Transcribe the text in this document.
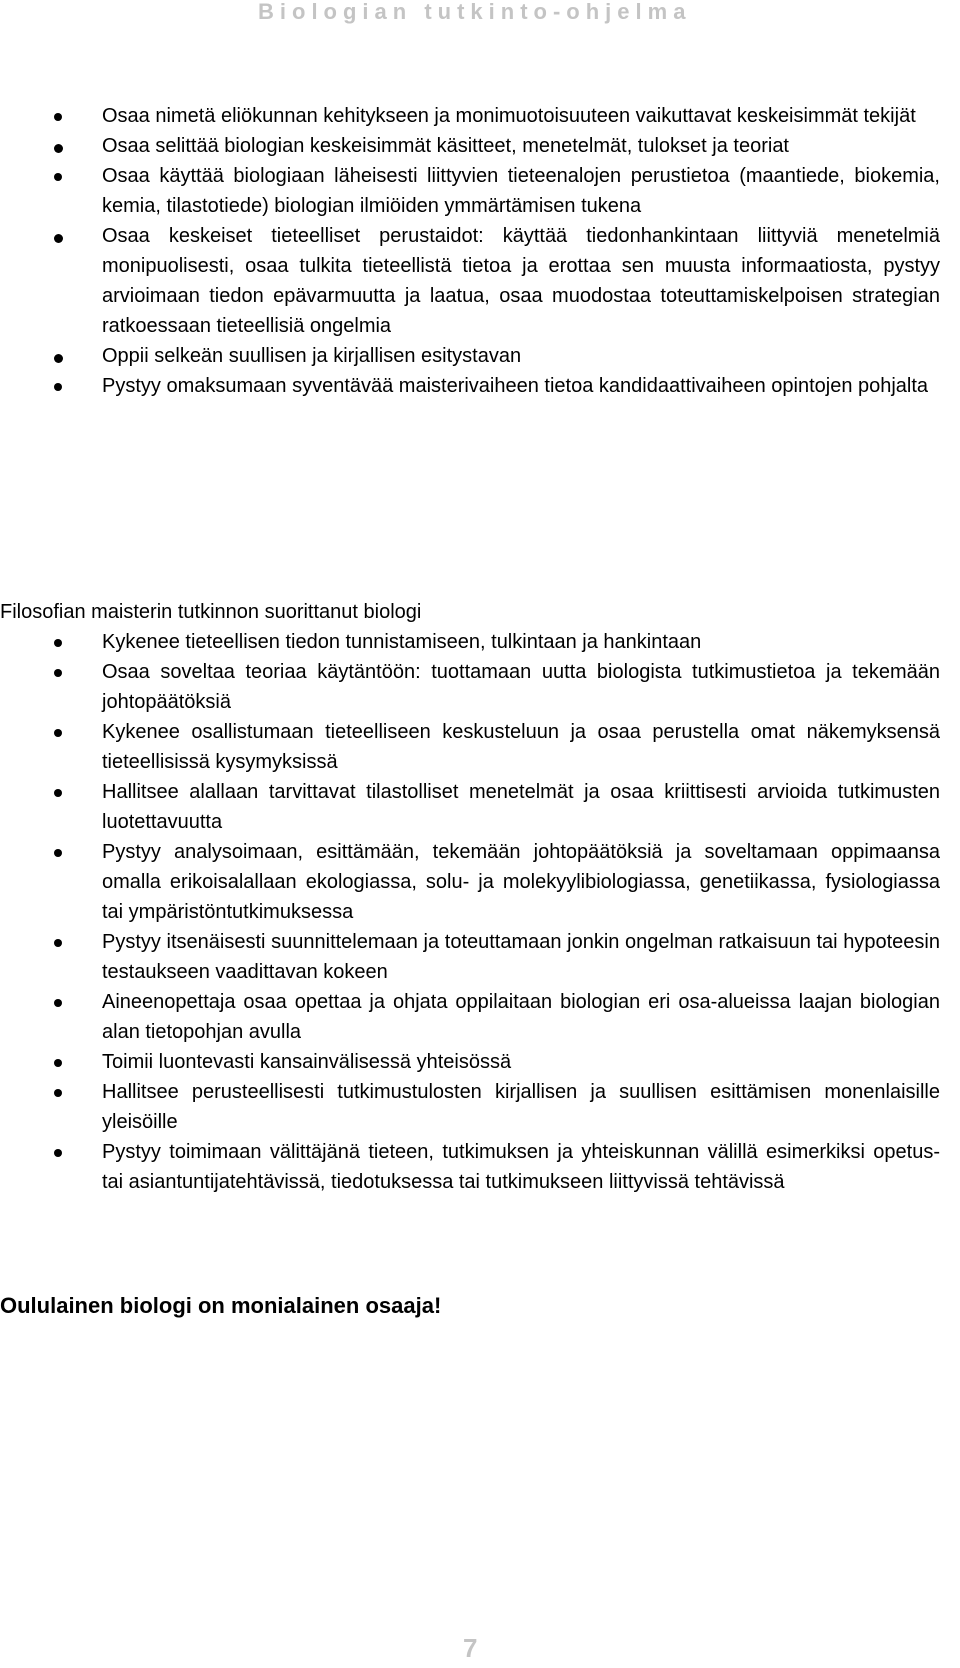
Biologian tutkinto-ohjelma
Osaa nimetä eliökunnan kehitykseen ja monimuotoisuuteen vaikuttavat keskeisimmät tekijät
Osaa selittää biologian keskeisimmät käsitteet, menetelmät, tulokset ja teoriat
Osaa käyttää biologiaan läheisesti liittyvien tieteenalojen perustietoa (maantiede, biokemia, kemia, tilastotiede) biologian ilmiöiden ymmärtämisen tukena
Osaa keskeiset tieteelliset perustaidot: käyttää tiedonhankintaan liittyviä menetelmiä monipuolisesti, osaa tulkita tieteellistä tietoa ja erottaa sen muusta informaatiosta, pystyy arvioimaan tiedon epävarmuutta ja laatua, osaa muodostaa toteuttamiskelpoisen strategian ratkoessaan tieteellisiä ongelmia
Oppii selkeän suullisen ja kirjallisen esitystavan
Pystyy omaksumaan syventävää maisterivaiheen tietoa kandidaattivaiheen opintojen pohjalta
Filosofian maisterin tutkinnon suorittanut biologi
Kykenee tieteellisen tiedon tunnistamiseen, tulkintaan ja hankintaan
Osaa soveltaa teoriaa käytäntöön: tuottamaan uutta biologista tutkimustietoa ja tekemään johtopäätöksiä
Kykenee osallistumaan tieteelliseen keskusteluun ja osaa perustella omat näkemyksensä tieteellisissä kysymyksissä
Hallitsee alallaan tarvittavat tilastolliset menetelmät ja osaa kriittisesti arvioida tutkimusten luotettavuutta
Pystyy analysoimaan, esittämään, tekemään johtopäätöksiä ja soveltamaan oppimaansa omalla erikoisalallaan ekologiassa, solu- ja molekyylibiologiassa, genetiikassa, fysiologiassa tai ympäristöntutkimuksessa
Pystyy itsenäisesti suunnittelemaan ja toteuttamaan jonkin ongelman ratkaisuun tai hypoteesin testaukseen vaadittavan kokeen
Aineenopettaja osaa opettaa ja ohjata oppilaitaan biologian eri osa-alueissa laajan biologian alan tietopohjan avulla
Toimii luontevasti kansainvälisessä yhteisössä
Hallitsee perusteellisesti tutkimustulosten kirjallisen ja suullisen esittämisen monenlaisille yleisöille
Pystyy toimimaan välittäjänä tieteen, tutkimuksen ja yhteiskunnan välillä esimerkiksi opetus- tai asiantuntijatehtävissä, tiedotuksessa tai tutkimukseen liittyvissä tehtävissä
Oululainen biologi on monialainen osaaja!
7
